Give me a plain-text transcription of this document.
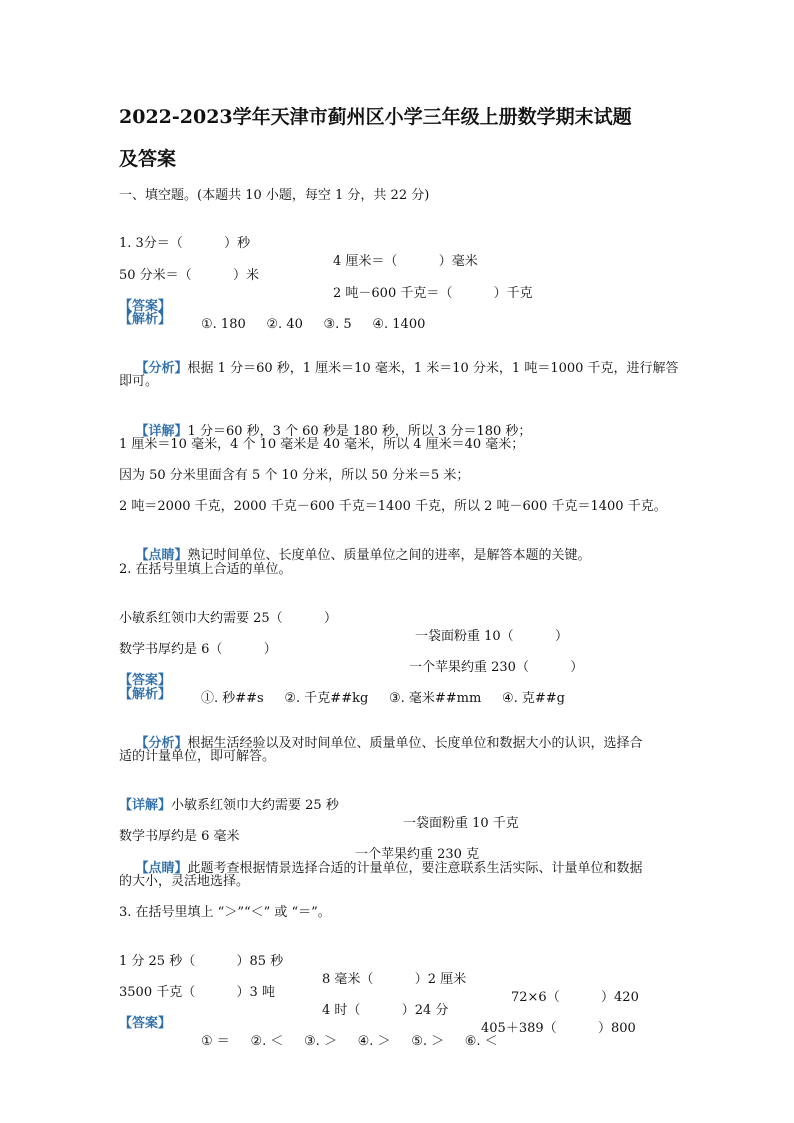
2022-2023学年天津市蓟州区小学三年级上册数学期末试题
及答案
一、填空题。(本题共 10 小题，每空 1 分，共 22 分)

1. 3分＝（          ）秒

4 厘米＝（          ）毫米

50 分米＝（          ）米

2 吨－600 千克＝（          ）千克

【答案】

①. 180     ②. 40     ③. 5     ④. 1400

【解析】

【分析】根据 1 分＝60 秒，1 厘米＝10 毫米，1 米＝10 分米，1 吨＝1000 千克，进行解答

即可。

【详解】1 分＝60 秒，3 个 60 秒是 180 秒，所以 3 分＝180 秒；

1 厘米＝10 毫米，4 个 10 毫米是 40 毫米，所以 4 厘米＝40 毫米；
因为 50 分米里面含有 5 个 10 分米，所以 50 分米＝5 米；
2 吨＝2000 千克，2000 千克－600 千克＝1400 千克，所以 2 吨－600 千克＝1400 千克。

【点睛】熟记时间单位、长度单位、质量单位之间的进率，是解答本题的关键。

2. 在括号里填上合适的单位。

小敏系红领巾大约需要 25（          ）

一袋面粉重 10（          ）

数学书厚约是 6（          ）

一个苹果约重 230（          ）

【答案】

①. 秒##s     ②. 千克##kg     ③. 毫米##mm     ④. 克##g

【解析】

【分析】根据生活经验以及对时间单位、质量单位、长度单位和数据大小的认识，选择合

适的计量单位，即可解答。

【详解】小敏系红领巾大约需要 25 秒

一袋面粉重 10 千克

数学书厚约是 6 毫米

一个苹果约重 230 克

【点睛】此题考查根据情景选择合适的计量单位，要注意联系生活实际、计量单位和数据

的大小，灵活地选择。
3. 在括号里填上 “＞”“＜” 或 “＝”。

1 分 25 秒（          ）85 秒

8 毫米（          ）2 厘米

72×6（          ）420

3500 千克（          ）3 吨

4 时（          ）24 分

405＋389（          ）800

【答案】

① ＝     ②. ＜     ③. ＞     ④. ＞     ⑤. ＞     ⑥. ＜
